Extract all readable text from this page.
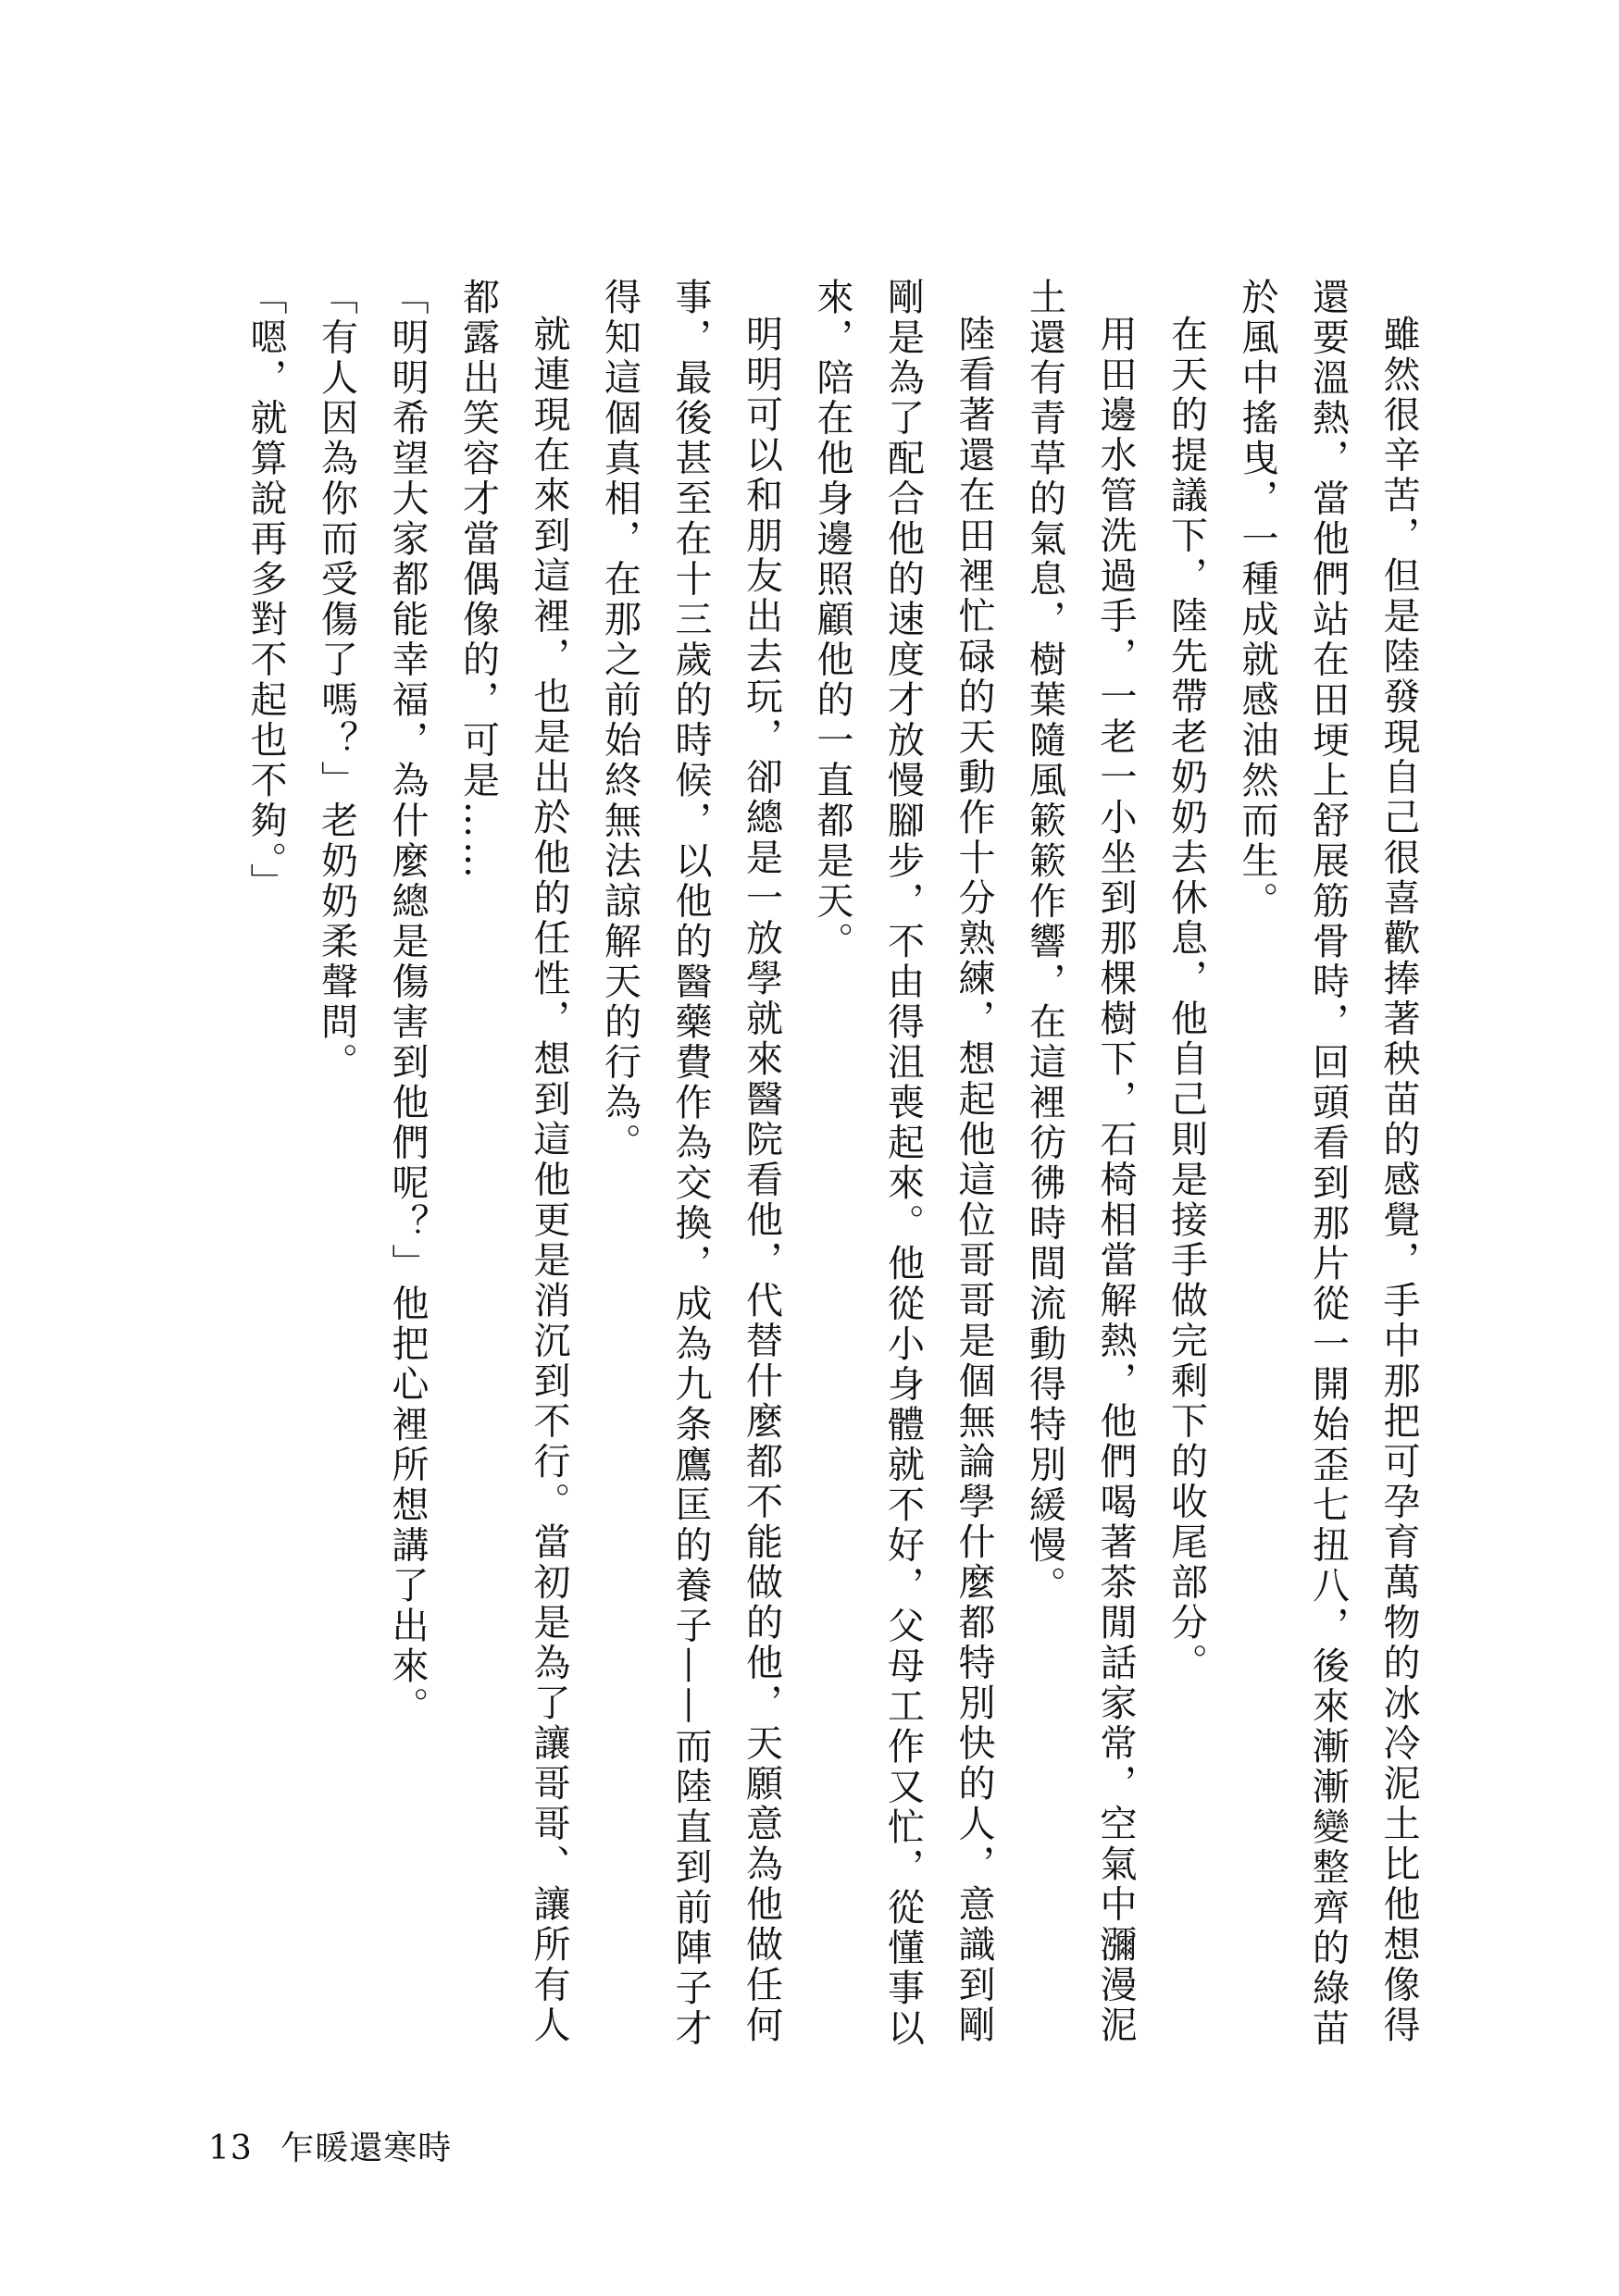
雖然很辛苦，但是陸發現自己很喜歡捧著秧苗的感覺，手中那把可孕育萬物的冰冷泥土比他想像得還要溫熱，當他們站在田埂上舒展筋骨時，回頭看到那片從一開始歪七扭八，後來漸漸變整齊的綠苗於風中搖曳，一種成就感油然而生。

在天的提議下，陸先帶老奶奶去休息，他自己則是接手做完剩下的收尾部分。

用田邊水管洗過手，一老一小坐到那棵樹下，石椅相當解熱，他們喝著茶閒話家常，空氣中瀰漫泥土還有青草的氣息，樹葉隨風簌簌作響，在這裡彷彿時間流動得特別緩慢。

陸看著還在田裡忙碌的天動作十分熟練，想起他這位哥哥是個無論學什麼都特別快的人，意識到剛剛是為了配合他的速度才放慢腳步，不由得沮喪起來。他從小身體就不好，父母工作又忙，從懂事以來，陪在他身邊照顧他的一直都是天。

明明可以和朋友出去玩，卻總是一放學就來醫院看他，代替什麼都不能做的他，天願意為他做任何事，最後甚至在十三歲的時候，以他的醫藥費作為交換，成為九条鷹匡的養子——而陸直到前陣子才得知這個真相，在那之前始終無法諒解天的行為。

就連現在來到這裡，也是出於他的任性，想到這他更是消沉到不行。當初是為了讓哥哥、讓所有人都露出笑容才當偶像的，可是……

「明明希望大家都能幸福，為什麼總是傷害到他們呢？」他把心裡所想講了出來。

「有人因為你而受傷了嗎？」老奶奶柔聲問。

「嗯，就算說再多對不起也不夠。」

13 乍暖還寒時
